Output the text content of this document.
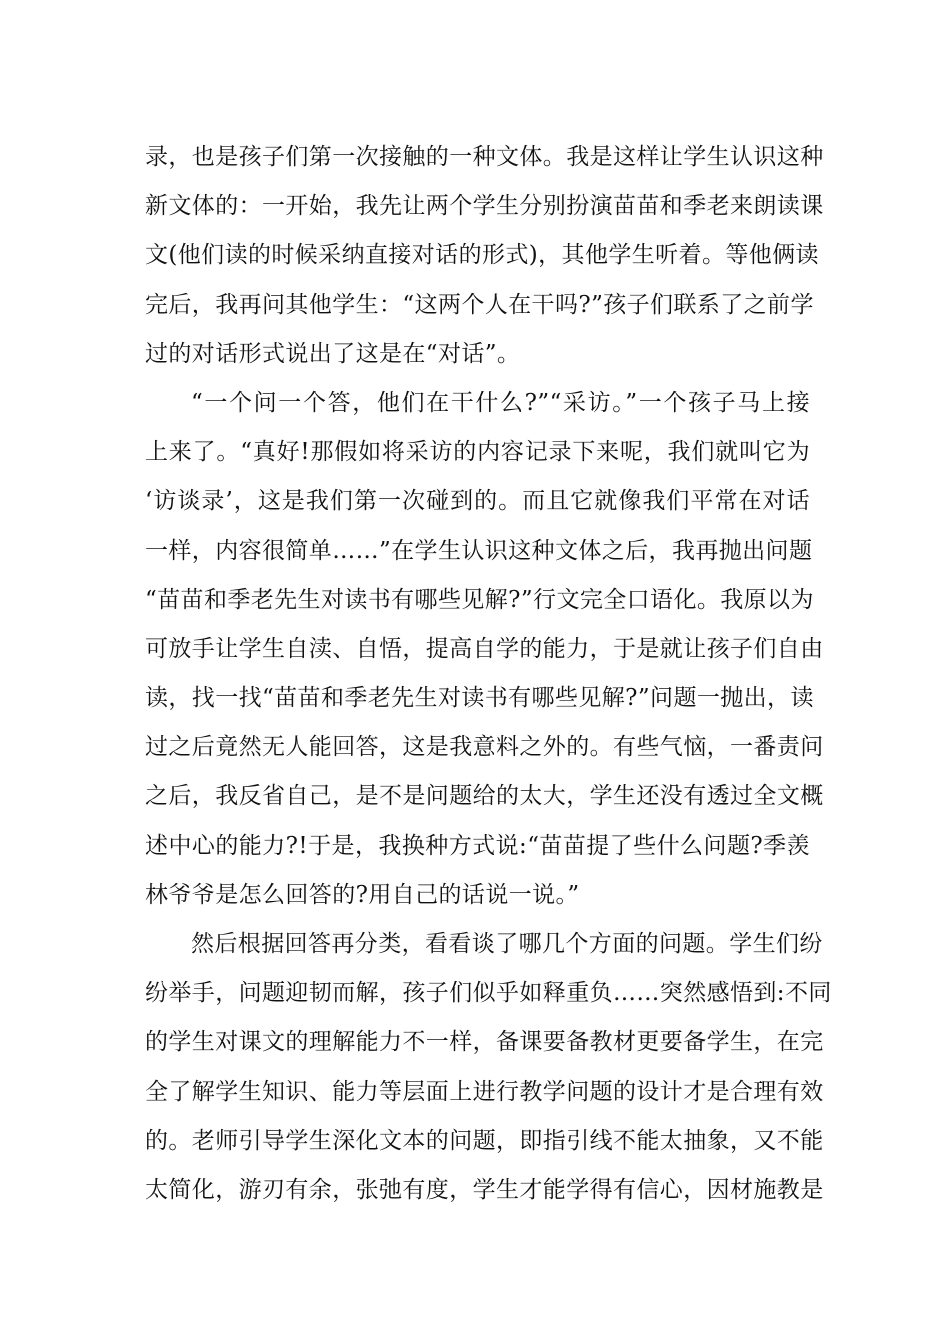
录，也是孩子们第一次接触的一种文体。我是这样让学生认识这种
新文体的：一开始，我先让两个学生分别扮演苗苗和季老来朗读课
文(他们读的时候采纳直接对话的形式)，其他学生听着。等他俩读
完后，我再问其他学生：“这两个人在干吗?”孩子们联系了之前学
过的对话形式说出了这是在“对话”。
“一个问一个答，他们在干什么?”“采访。”一个孩子马上接
上来了。“真好!那假如将采访的内容记录下来呢，我们就叫它为
‘访谈录’，这是我们第一次碰到的。而且它就像我们平常在对话
一样，内容很简单……”在学生认识这种文体之后，我再抛出问题
“苗苗和季老先生对读书有哪些见解?”行文完全口语化。我原以为
可放手让学生自渎、自悟，提高自学的能力，于是就让孩子们自由
读，找一找“苗苗和季老先生对读书有哪些见解?”问题一抛出，读
过之后竟然无人能回答，这是我意料之外的。有些气恼，一番责问
之后，我反省自己，是不是问题给的太大，学生还没有透过全文概
述中心的能力?!于是，我换种方式说:“苗苗提了些什么问题?季羡
林爷爷是怎么回答的?用自己的话说一说。”
然后根据回答再分类，看看谈了哪几个方面的问题。学生们纷
纷举手，问题迎韧而解，孩子们似乎如释重负……突然感悟到:不同
的学生对课文的理解能力不一样，备课要备教材更要备学生，在完
全了解学生知识、能力等层面上进行教学问题的设计才是合理有效
的。老师引导学生深化文本的问题，即指引线不能太抽象，又不能
太简化，游刃有余，张弛有度，学生才能学得有信心，因材施教是
